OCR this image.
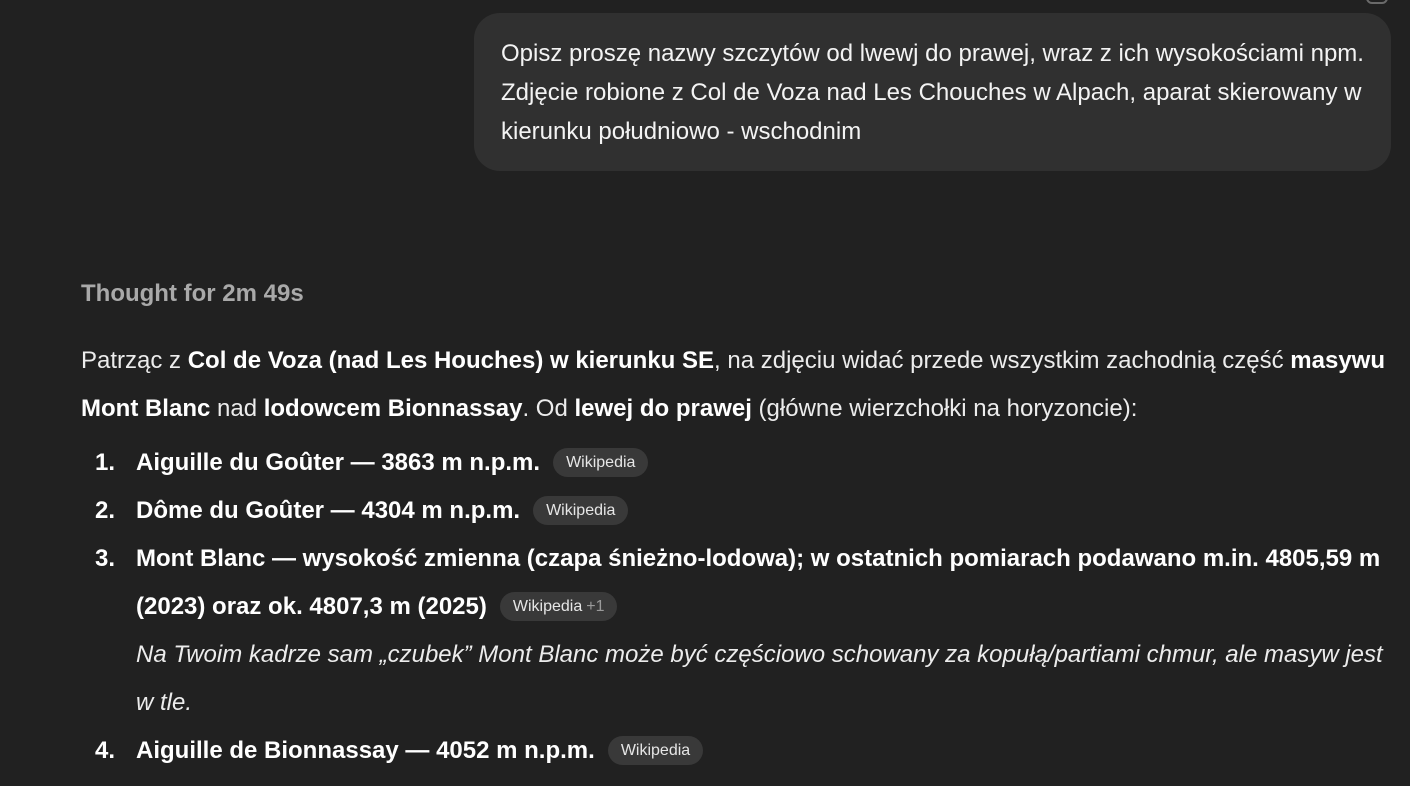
Opisz proszę nazwy szczytów od lwewj do prawej, wraz z ich wysokościami npm. Zdjęcie robione z Col de Voza nad Les Chouches w Alpach, aparat skierowany w kierunku południowo - wschodnim
Thought for 2m 49s

Patrząc z Col de Voza (nad Les Houches) w kierunku SE, na zdjęciu widać przede wszystkim zachodnią część masywu Mont Blanc nad lodowcem Bionnassay. Od lewej do prawej (główne wierzchołki na horyzoncie):

1. Aiguille du Goûter — 3863 m n.p.m. Wikipedia
2. Dôme du Goûter — 4304 m n.p.m. Wikipedia
3. Mont Blanc — wysokość zmienna (czapa śnieżno-lodowa); w ostatnich pomiarach podawano m.in. 4805,59 m (2023) oraz ok. 4807,3 m (2025) Wikipedia +1
Na Twoim kadrze sam „czubek” Mont Blanc może być częściowo schowany za kopułą/partiami chmur, ale masyw jest w tle.
4. Aiguille de Bionnassay — 4052 m n.p.m. Wikipedia
